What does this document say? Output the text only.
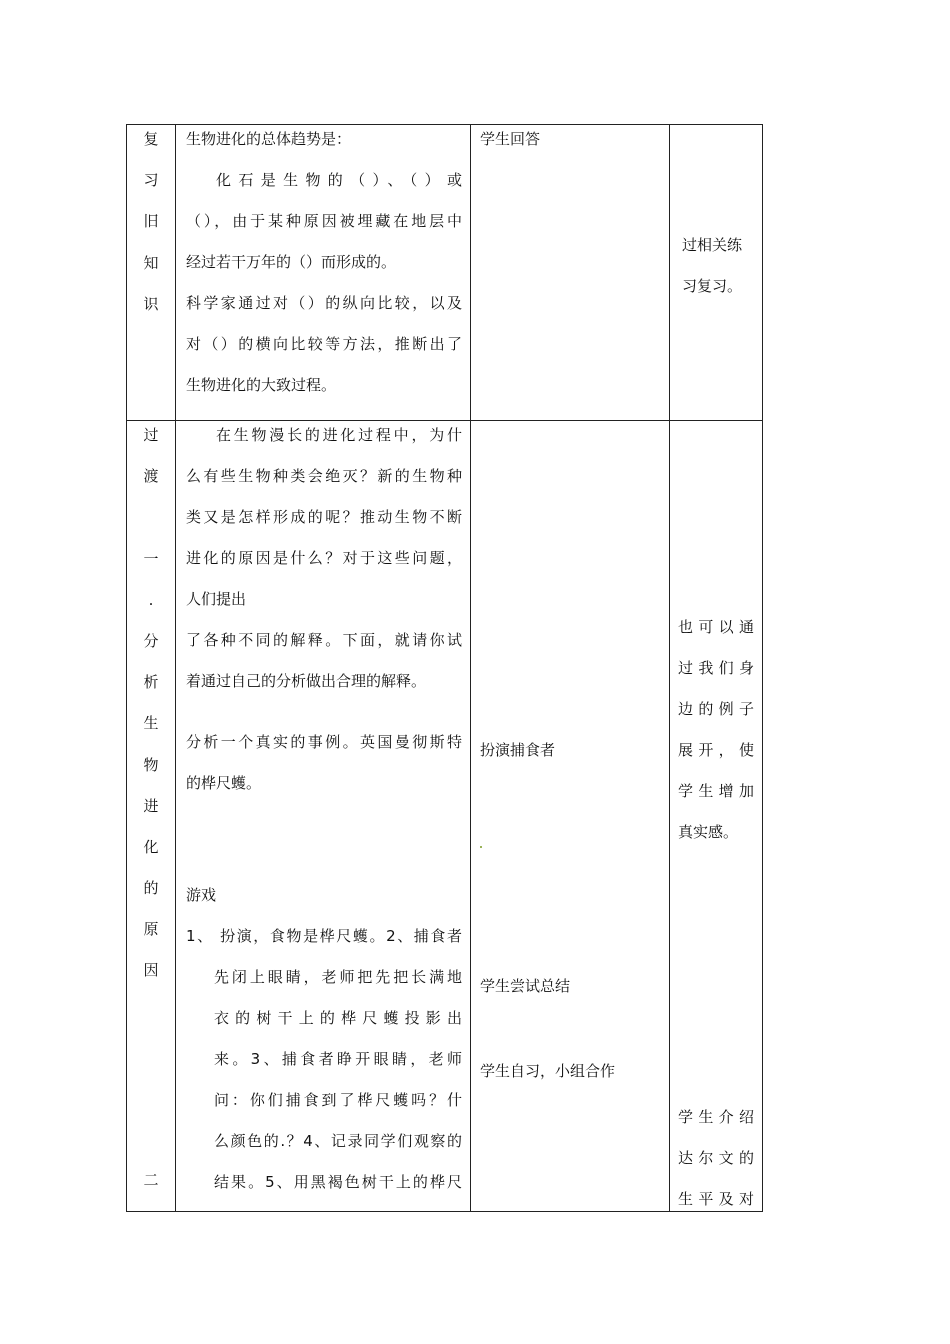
复
习
旧
知
识
生物进化的总体趋势是：
化石是生物的（）、（）或
（），由于某种原因被埋藏在地层中
经过若干万年的（）而形成的。
科学家通过对（）的纵向比较，以及
对（）的横向比较等方法，推断出了
生物进化的大致过程。
学生回答
过相关练
习复习。
过
渡
一
.
分
析
生
物
进
化
的
原
因
二
在生物漫长的进化过程中，为什
么有些生物种类会绝灭？新的生物种
类又是怎样形成的呢？推动生物不断
进化的原因是什么？对于这些问题，
人们提出
了各种不同的解释。下面，就请你试
着通过自己的分析做出合理的解释。
分析一个真实的事例。英国曼彻斯特
的桦尺蠖。
游戏
1、 扮演，食物是桦尺蠖。2、捕食者
先闭上眼睛，老师把先把长满地
衣的树干上的桦尺蠖投影出
来。3、捕食者睁开眼睛，老师
问：你们捕食到了桦尺蠖吗？什
么颜色的.？4、记录同学们观察的
结果。5、用黑褐色树干上的桦尺
扮演捕食者
学生尝试总结
学生自习，小组合作
也可以通
过我们身
边的例子
展开，使
学生增加
真实感。
学生介绍
达尔文的
生平及对
